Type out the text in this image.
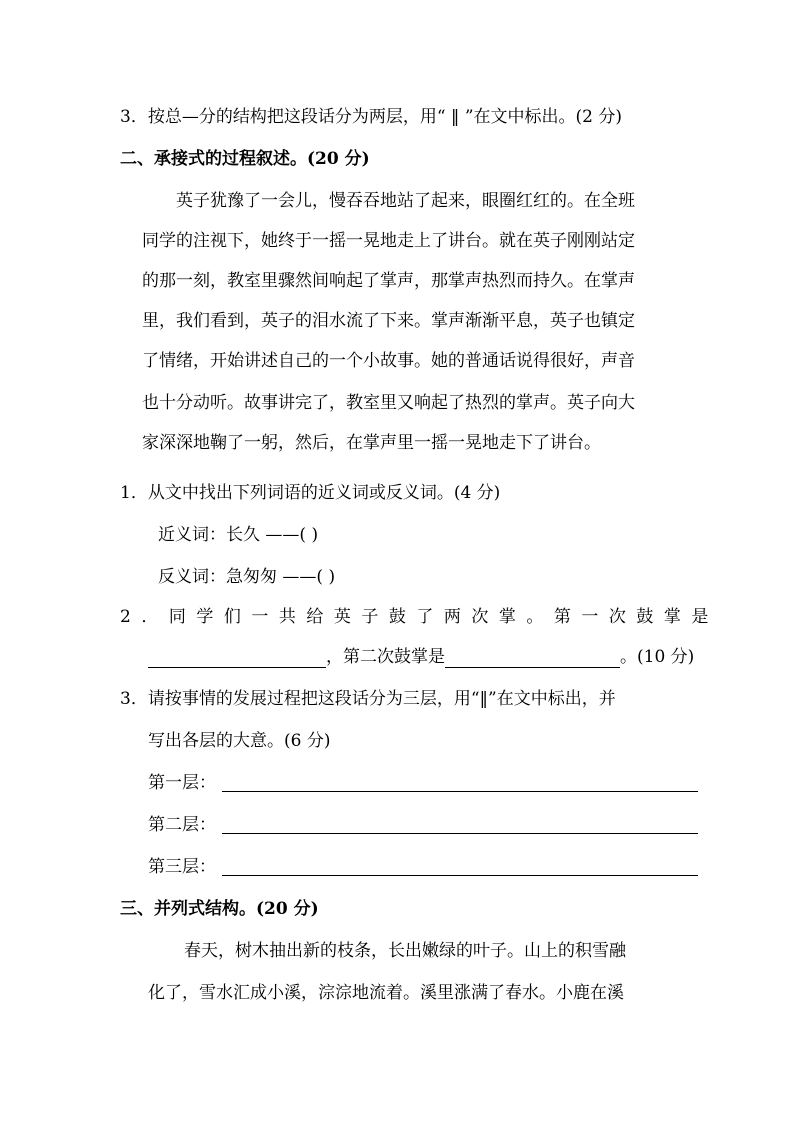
3．按总—分的结构把这段话分为两层，用“ ‖ ”在文中标出。(2 分)
二、承接式的过程叙述。(20 分)
英子犹豫了一会儿，慢吞吞地站了起来，眼圈红红的。在全班
同学的注视下，她终于一摇一晃地走上了讲台。就在英子刚刚站定
的那一刻，教室里骤然间响起了掌声，那掌声热烈而持久。在掌声
里，我们看到，英子的泪水流了下来。掌声渐渐平息，英子也镇定
了情绪，开始讲述自己的一个小故事。她的普通话说得很好，声音
也十分动听。故事讲完了，教室里又响起了热烈的掌声。英子向大
家深深地鞠了一躬，然后，在掌声里一摇一晃地走下了讲台。
1．从文中找出下列词语的近义词或反义词。(4 分)
近义词：长久 ——( )
反义词：急匆匆 ——( )
2．同学们一共给英子鼓了两次掌。第一次鼓掌是
，第二次鼓掌是	。(10 分)
3．请按事情的发展过程把这段话分为三层，用“‖”在文中标出，并
写出各层的大意。(6 分)
第一层：
第二层：
第三层：
三、并列式结构。(20 分)
春天，树木抽出新的枝条，长出嫩绿的叶子。山上的积雪融
化了，雪水汇成小溪，淙淙地流着。溪里涨满了春水。小鹿在溪
